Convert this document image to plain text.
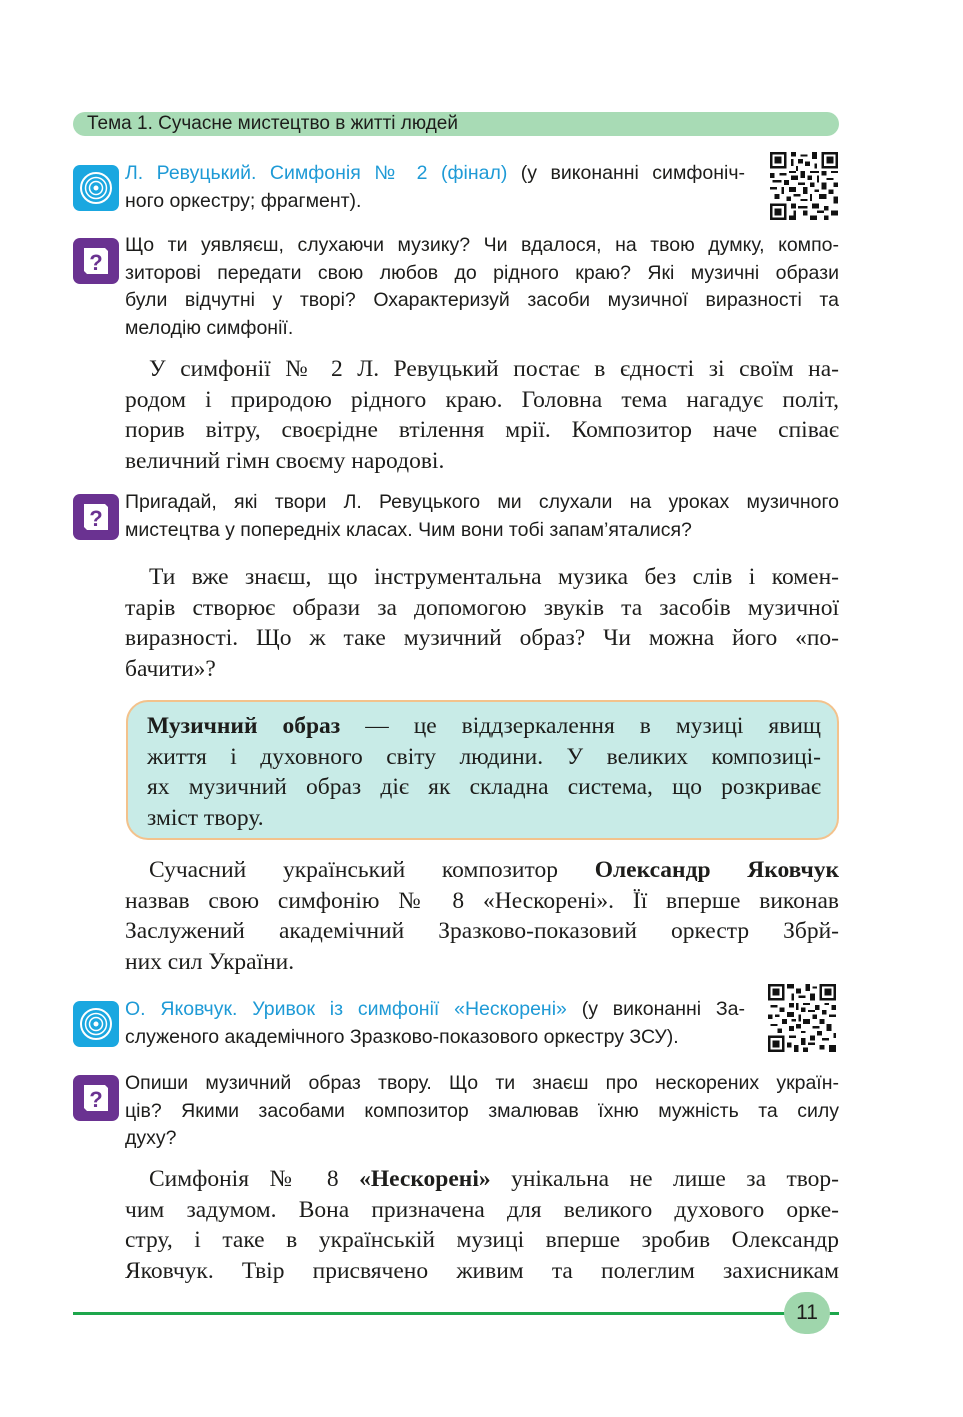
Тема 1. Сучасне мистецтво в житті людей
Л. Ревуцький. Симфонія № 2 (фінал) (у виконанні симфоніч-
ного оркестру; фрагмент).
?
Що ти уявляєш, слухаючи музику? Чи вдалося, на твою думку, компо-
зиторові передати свою любов до рідного краю? Які музичні образи
були відчутні у творі? Охарактеризуй засоби музичної виразності та
мелодію симфонії.
У симфонії № 2 Л. Ревуцький постає в єдності зі своїм на-
родом і природою рідного краю. Головна тема нагадує політ,
порив вітру, своєрідне втілення мрії. Композитор наче співає
величний гімн своєму народові.
?
Пригадай, які твори Л. Ревуцького ми слухали на уроках музичного
мистецтва у попередніх класах. Чим вони тобі запам’яталися?
Ти вже знаєш, що інструментальна музика без слів і комен-
тарів створює образи за допомогою звуків та засобів музичної
виразності. Що ж таке музичний образ? Чи можна його «по-
бачити»?
Музичний образ — це віддзеркалення в музиці явищ
життя і духовного світу людини. У великих композиці-
ях музичний образ діє як складна система, що розкриває
зміст твору.
Сучасний український композитор Олександр Яковчук
назвав свою симфонію № 8 «Нескорені». Її вперше виконав
Заслужений академічний Зразково-показовий оркестр Збрй-
них сил України.
О. Яковчук. Уривок із симфонії «Нескорені» (у виконанні За-
служеного академічного Зразково-показового оркестру ЗСУ).
?
Опиши музичний образ твору. Що ти знаєш про нескорених україн-
ців? Якими засобами композитор змалював їхню мужність та силу
духу?
Симфонія № 8 «Нескорені» унікальна не лише за твор-
чим задумом. Вона призначена для великого духового орке-
стру, і таке в українській музиці вперше зробив Олександр
Яковчук. Твір присвячено живим та полеглим захисникам
11
